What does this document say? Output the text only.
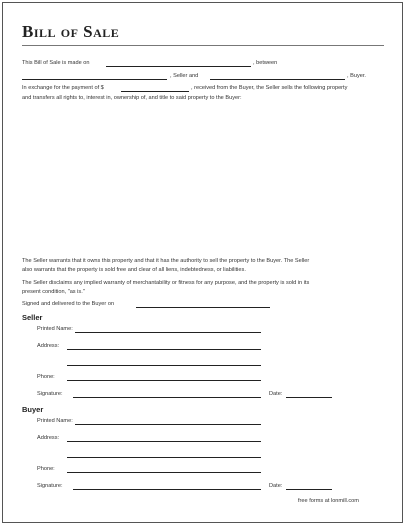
Bill of Sale
This Bill of Sale is made on	, between
, Seller and	, Buyer.
In exchange for the payment of $	, received from the Buyer, the Seller sells the following property
and transfers all rights to, interest in, ownership of, and title to said property to the Buyer:
The Seller warrants that it owns this property and that it has the authority to sell the property to the Buyer. The Seller
also warrants that the property is sold free and clear of all liens, indebtedness, or liabilities.
The Seller disclaims any implied warranty of merchantability or fitness for any purpose, and the property is sold in its
present condition, "as is."
Signed and delivered to the Buyer on
Seller
Printed Name:
Address:
Phone:
Signature:	Date:
Buyer
Printed Name:
Address:
Phone:
Signature:	Date:
free forms at lonmill.com
